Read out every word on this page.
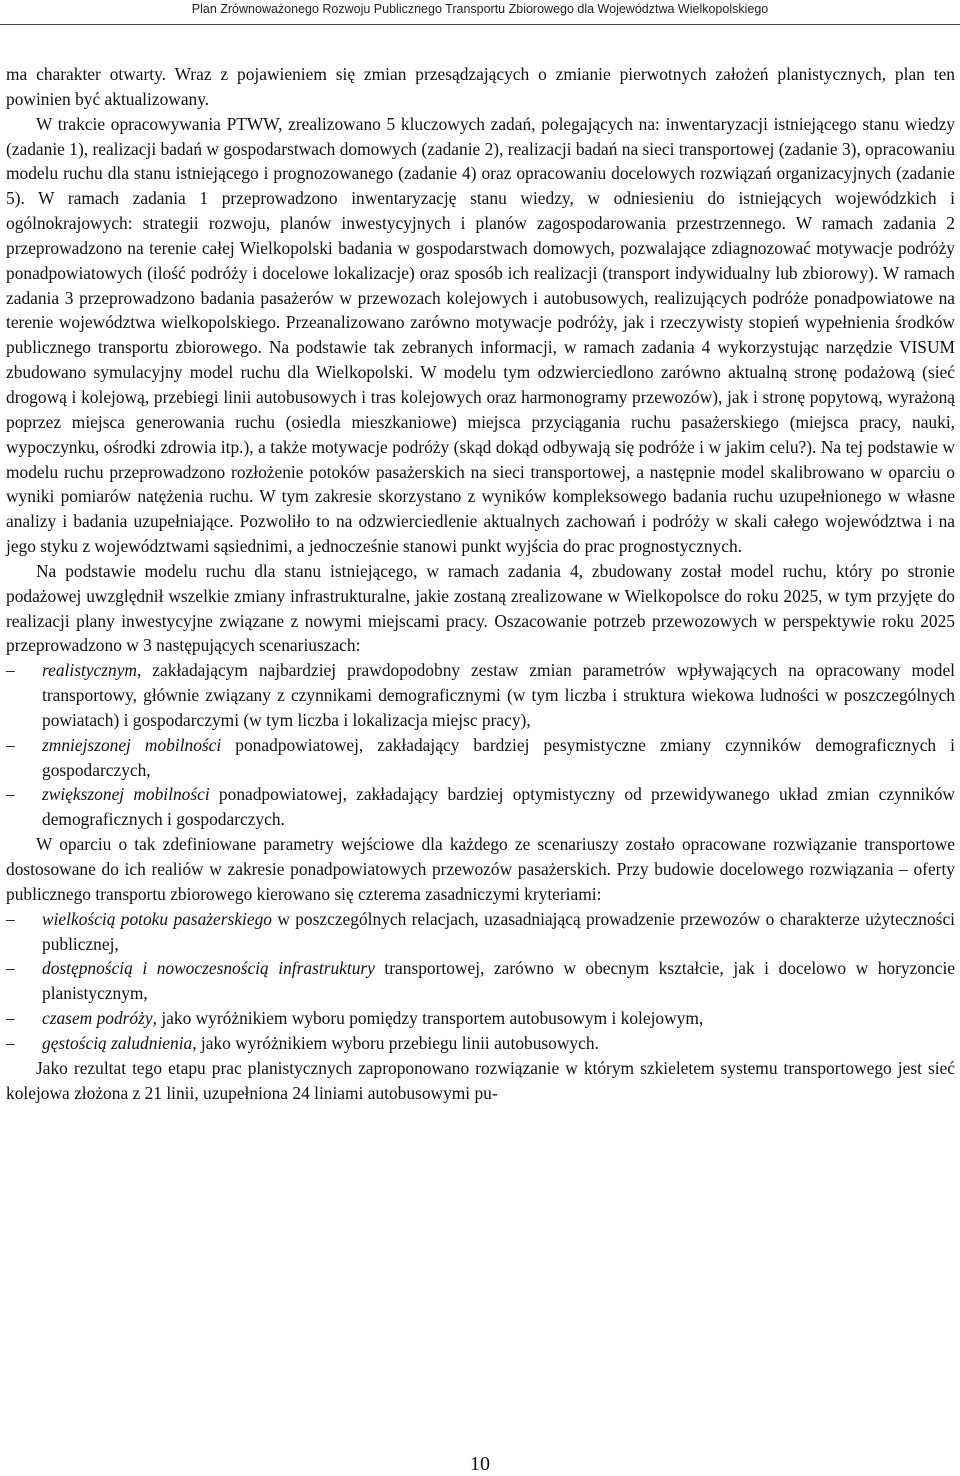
Plan Zrównoważonego Rozwoju Publicznego Transportu Zbiorowego dla Województwa Wielkopolskiego

ma charakter otwarty. Wraz z pojawieniem się zmian przesądzających o zmianie pierwotnych założeń planistycznych, plan ten powinien być aktualizowany.

W trakcie opracowywania PTWW, zrealizowano 5 kluczowych zadań, polegających na: inwentaryzacji istniejącego stanu wiedzy (zadanie 1), realizacji badań w gospodarstwach domowych (zadanie 2), realizacji badań na sieci transportowej (zadanie 3), opracowaniu modelu ruchu dla stanu istniejącego i prognozowanego (zadanie 4) oraz opracowaniu docelowych rozwiązań organizacyjnych (zadanie 5). W ramach zadania 1 przeprowadzono inwentaryzację stanu wiedzy, w odniesieniu do istniejących wojewódzkich i ogólnokrajowych: strategii rozwoju, planów inwestycyjnych i planów zagospodarowania przestrzennego. W ramach zadania 2 przeprowadzono na terenie całej Wielkopolski badania w gospodarstwach domowych, pozwalające zdiagnozować motywacje podróży ponadpowiatowych (ilość podróży i docelowe lokalizacje) oraz sposób ich realizacji (transport indywidualny lub zbiorowy). W ramach zadania 3 przeprowadzono badania pasażerów w przewozach kolejowych i autobusowych, realizujących podróże ponadpowiatowe na terenie województwa wielkopolskiego. Przeanalizowano zarówno motywacje podróży, jak i rzeczywisty stopień wypełnienia środków publicznego transportu zbiorowego. Na podstawie tak zebranych informacji, w ramach zadania 4 wykorzystując narzędzie VISUM zbudowano symulacyjny model ruchu dla Wielkopolski. W modelu tym odzwierciedlono zarówno aktualną stronę podażową (sieć drogową i kolejową, przebiegi linii autobusowych i tras kolejowych oraz harmonogramy przewozów), jak i stronę popytową, wyrażoną poprzez miejsca generowania ruchu (osiedla mieszkaniowe) miejsca przyciągania ruchu pasażerskiego (miejsca pracy, nauki, wypoczynku, ośrodki zdrowia itp.), a także motywacje podróży (skąd dokąd odbywają się podróże i w jakim celu?). Na tej podstawie w modelu ruchu przeprowadzono rozłożenie potoków pasażerskich na sieci transportowej, a następnie model skalibrowano w oparciu o wyniki pomiarów natężenia ruchu. W tym zakresie skorzystano z wyników kompleksowego badania ruchu uzupełnionego w własne analizy i badania uzupełniające. Pozwoliło to na odzwierciedlenie aktualnych zachowań i podróży w skali całego województwa i na jego styku z województwami sąsiednimi, a jednocześnie stanowi punkt wyjścia do prac prognostycznych.

Na podstawie modelu ruchu dla stanu istniejącego, w ramach zadania 4, zbudowany został model ruchu, który po stronie podażowej uwzględnił wszelkie zmiany infrastrukturalne, jakie zostaną zrealizowane w Wielkopolsce do roku 2025, w tym przyjęte do realizacji plany inwestycyjne związane z nowymi miejscami pracy. Oszacowanie potrzeb przewozowych w perspektywie roku 2025 przeprowadzono w 3 następujących scenariuszach:

–
realistycznym, zakładającym najbardziej prawdopodobny zestaw zmian parametrów wpływających na opracowany model transportowy, głównie związany z czynnikami demograficznymi (w tym liczba i struktura wiekowa ludności w poszczególnych powiatach) i gospodarczymi (w tym liczba i lokalizacja miejsc pracy),
–
zmniejszonej mobilności ponadpowiatowej, zakładający bardziej pesymistyczne zmiany czynników demograficznych i gospodarczych,
–
zwiększonej mobilności ponadpowiatowej, zakładający bardziej optymistyczny od przewidywanego układ zmian czynników demograficznych i gospodarczych.

W oparciu o tak zdefiniowane parametry wejściowe dla każdego ze scenariuszy zostało opracowane rozwiązanie transportowe dostosowane do ich realiów w zakresie ponadpowiatowych przewozów pasażerskich. Przy budowie docelowego rozwiązania – oferty publicznego transportu zbiorowego kierowano się czterema zasadniczymi kryteriami:

–
wielkością potoku pasażerskiego w poszczególnych relacjach, uzasadniającą prowadzenie przewozów o charakterze użyteczności publicznej,
–
dostępnością i nowoczesnością infrastruktury transportowej, zarówno w obecnym kształcie, jak i docelowo w horyzoncie planistycznym,
–
czasem podróży, jako wyróżnikiem wyboru pomiędzy transportem autobusowym i kolejowym,
–
gęstością zaludnienia, jako wyróżnikiem wyboru przebiegu linii autobusowych.

Jako rezultat tego etapu prac planistycznych zaproponowano rozwiązanie w którym szkieletem systemu transportowego jest sieć kolejowa złożona z 21 linii, uzupełniona 24 liniami autobusowymi pu-

10
